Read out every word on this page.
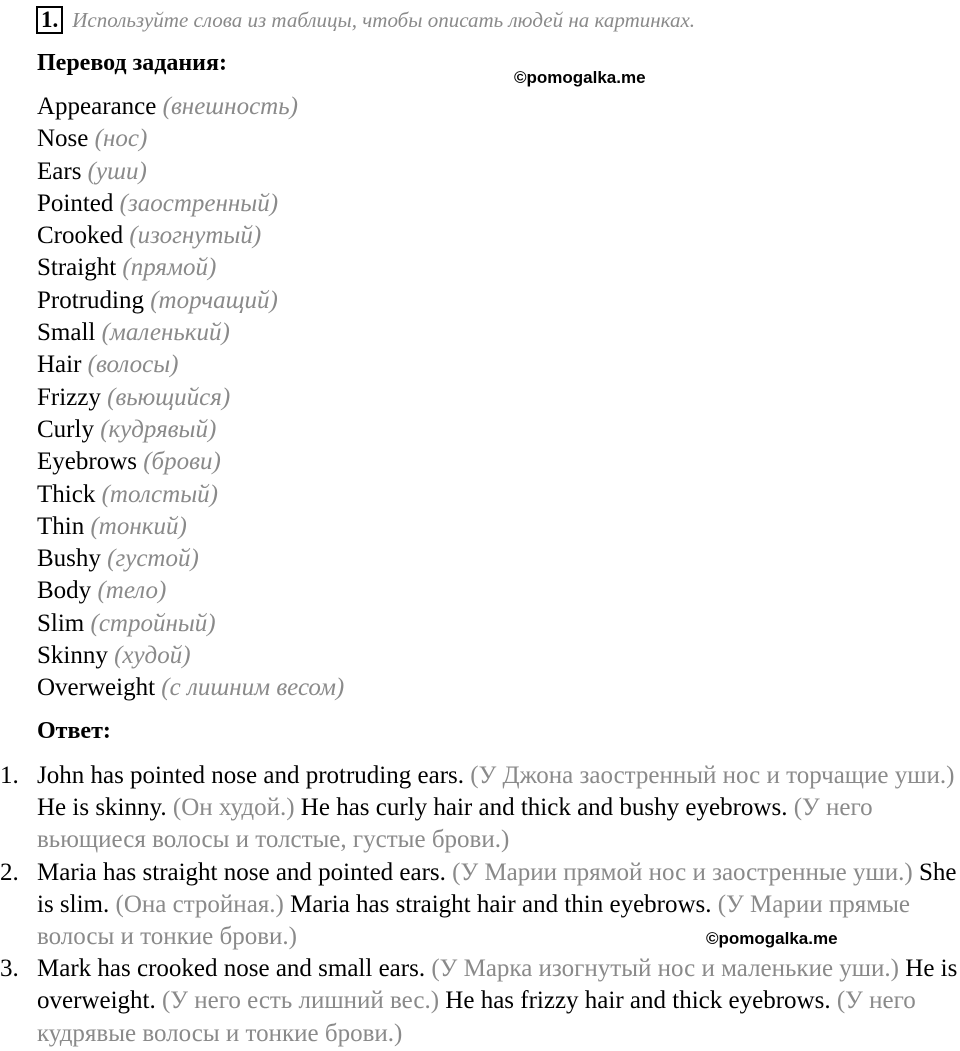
1. Используйте слова из таблицы, чтобы описать людей на картинках.
Перевод задания:
©pomogalka.me
Appearance (внешность)
Nose (нос)
Ears (уши)
Pointed (заостренный)
Crooked (изогнутый)
Straight (прямой)
Protruding (торчащий)
Small (маленький)
Hair (волосы)
Frizzy (вьющийся)
Curly (кудрявый)
Eyebrows (брови)
Thick (толстый)
Thin (тонкий)
Bushy (густой)
Body (тело)
Slim (стройный)
Skinny (худой)
Overweight (с лишним весом)
Ответ:
1. John has pointed nose and protruding ears. (У Джона заостренный нос и торчащие уши.) He is skinny. (Он худой.) He has curly hair and thick and bushy eyebrows. (У него вьющиеся волосы и толстые, густые брови.)
2. Maria has straight nose and pointed ears. (У Марии прямой нос и заостренные уши.) She is slim. (Она стройная.) Maria has straight hair and thin eyebrows. (У Марии прямые волосы и тонкие брови.)
3. Mark has crooked nose and small ears. (У Марка изогнутый нос и маленькие уши.) He is overweight. (У него есть лишний вес.) He has frizzy hair and thick eyebrows. (У него кудрявые волосы и тонкие брови.)
©pomogalka.me
